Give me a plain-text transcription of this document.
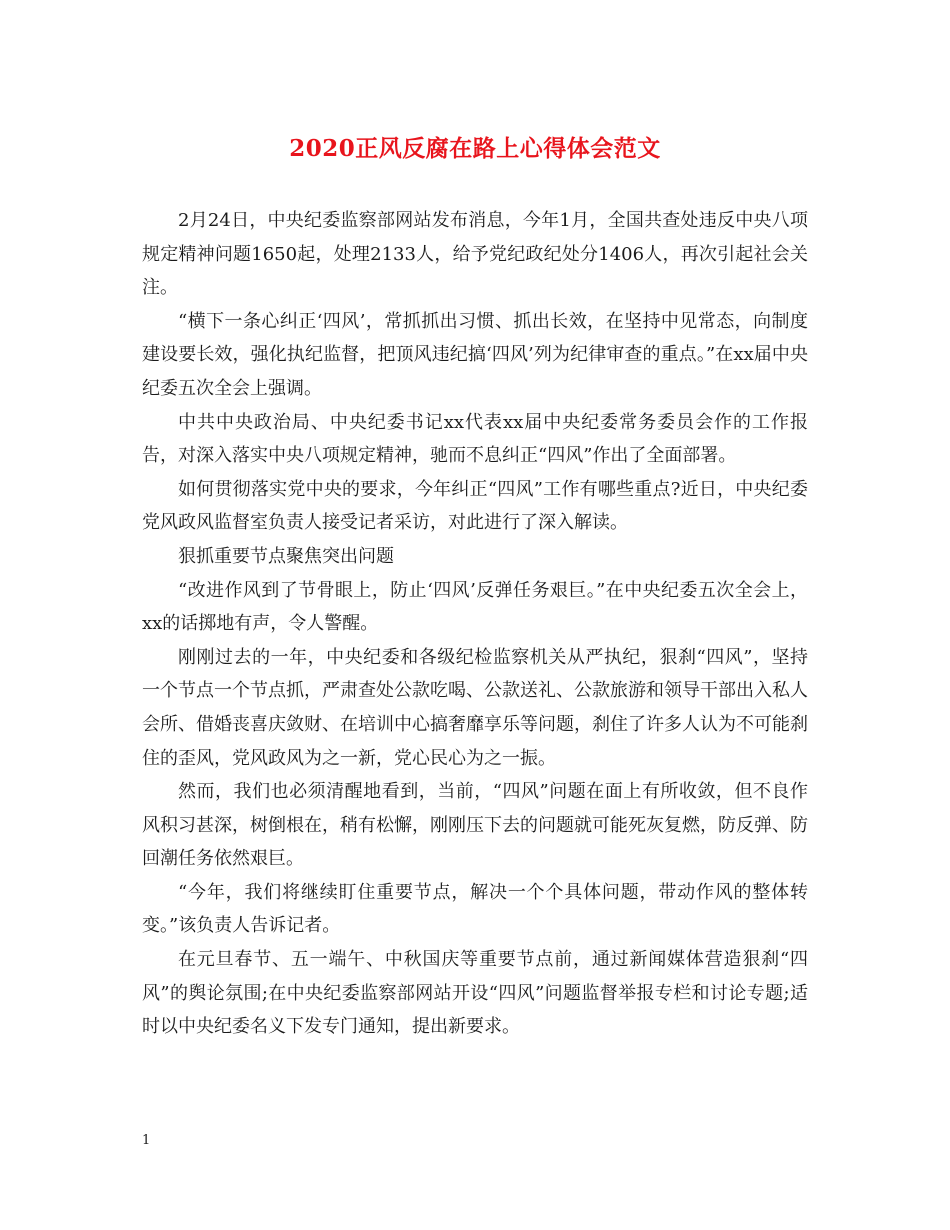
2020正风反腐在路上心得体会范文

2月24日，中央纪委监察部网站发布消息，今年1月，全国共查处违反中央八项规定精神问题1650起，处理2133人，给予党纪政纪处分1406人，再次引起社会关注。

“横下一条心纠正‘四风’，常抓抓出习惯、抓出长效，在坚持中见常态，向制度建设要长效，强化执纪监督，把顶风违纪搞‘四风’列为纪律审查的重点。”在xx届中央纪委五次全会上强调。

中共中央政治局、中央纪委书记xx代表xx届中央纪委常务委员会作的工作报告，对深入落实中央八项规定精神，驰而不息纠正“四风”作出了全面部署。

如何贯彻落实党中央的要求，今年纠正“四风”工作有哪些重点?近日，中央纪委党风政风监督室负责人接受记者采访，对此进行了深入解读。

狠抓重要节点聚焦突出问题

“改进作风到了节骨眼上，防止‘四风’反弹任务艰巨。”在中央纪委五次全会上，xx的话掷地有声，令人警醒。

刚刚过去的一年，中央纪委和各级纪检监察机关从严执纪，狠刹“四风”，坚持一个节点一个节点抓，严肃查处公款吃喝、公款送礼、公款旅游和领导干部出入私人会所、借婚丧喜庆敛财、在培训中心搞奢靡享乐等问题，刹住了许多人认为不可能刹住的歪风，党风政风为之一新，党心民心为之一振。

然而，我们也必须清醒地看到，当前，“四风”问题在面上有所收敛，但不良作风积习甚深，树倒根在，稍有松懈，刚刚压下去的问题就可能死灰复燃，防反弹、防回潮任务依然艰巨。

“今年，我们将继续盯住重要节点，解决一个个具体问题，带动作风的整体转变。”该负责人告诉记者。

在元旦春节、五一端午、中秋国庆等重要节点前，通过新闻媒体营造狠刹“四风”的舆论氛围;在中央纪委监察部网站开设“四风”问题监督举报专栏和讨论专题;适时以中央纪委名义下发专门通知，提出新要求。

1
